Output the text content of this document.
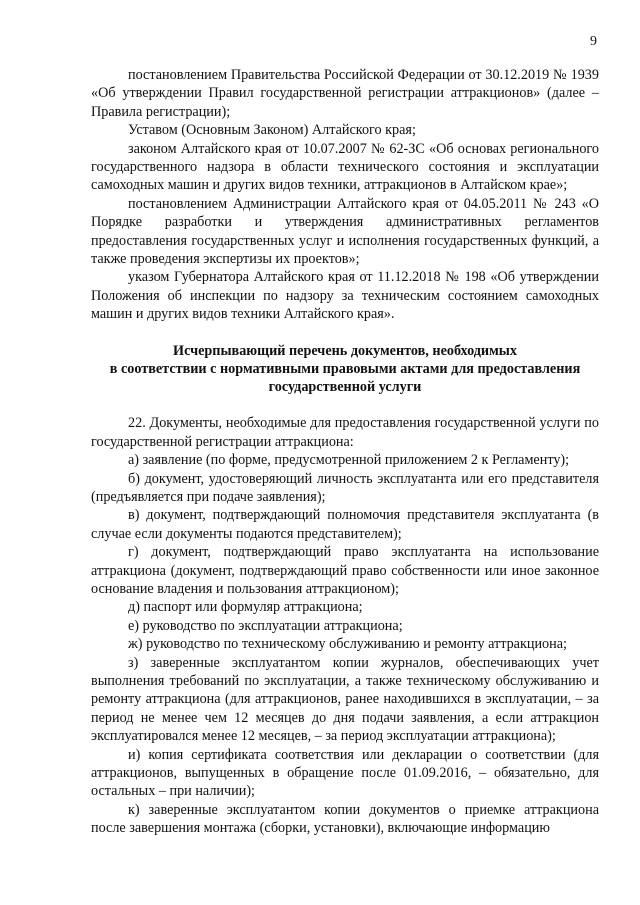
9

постановлением Правительства Российской Федерации от 30.12.2019 № 1939 «Об утверждении Правил государственной регистрации аттракционов» (далее – Правила регистрации);

Уставом (Основным Законом) Алтайского края;

законом Алтайского края от 10.07.2007 № 62-ЗС «Об основах регионального государственного надзора в области технического состояния и эксплуатации самоходных машин и других видов техники, аттракционов в Алтайском крае»;

постановлением Администрации Алтайского края от 04.05.2011 № 243 «О Порядке разработки и утверждения административных регламентов предоставления государственных услуг и исполнения государственных функций, а также проведения экспертизы их проектов»;

указом Губернатора Алтайского края от 11.12.2018 № 198 «Об утверждении Положения об инспекции по надзору за техническим состоянием самоходных машин и других видов техники Алтайского края».

Исчерпывающий перечень документов, необходимых
в соответствии с нормативными правовыми актами для предоставления
государственной услуги

22. Документы, необходимые для предоставления государственной услуги по государственной регистрации аттракциона:

а) заявление (по форме, предусмотренной приложением 2 к Регламенту);

б) документ, удостоверяющий личность эксплуатанта или его представителя (предъявляется при подаче заявления);

в) документ, подтверждающий полномочия представителя эксплуатанта (в случае если документы подаются представителем);

г) документ, подтверждающий право эксплуатанта на использование аттракциона (документ, подтверждающий право собственности или иное законное основание владения и пользования аттракционом);

д) паспорт или формуляр аттракциона;

е) руководство по эксплуатации аттракциона;

ж) руководство по техническому обслуживанию и ремонту аттракциона;

з) заверенные эксплуатантом копии журналов, обеспечивающих учет выполнения требований по эксплуатации, а также техническому обслуживанию и ремонту аттракциона (для аттракционов, ранее находившихся в эксплуатации, – за период не менее чем 12 месяцев до дня подачи заявления, а если аттракцион эксплуатировался менее 12 месяцев, – за период эксплуатации аттракциона);

и) копия сертификата соответствия или декларации о соответствии (для аттракционов, выпущенных в обращение после 01.09.2016, – обязательно, для остальных – при наличии);

к) заверенные эксплуатантом копии документов о приемке аттракциона после завершения монтажа (сборки, установки), включающие информацию
